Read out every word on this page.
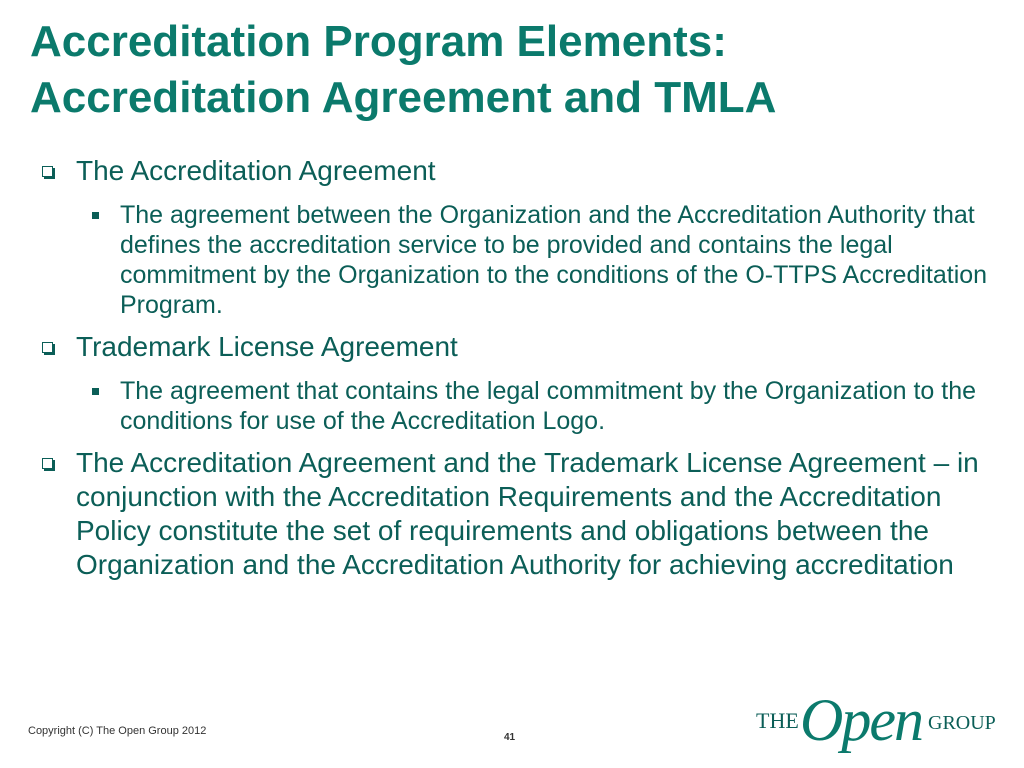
Accreditation Program Elements:
Accreditation Agreement and TMLA
The Accreditation Agreement
The agreement between the Organization and the Accreditation Authority that defines the accreditation service to be provided and contains the legal commitment by the Organization to the conditions of the O-TTPS Accreditation Program.
Trademark License Agreement
The agreement that contains the legal commitment by the Organization to the conditions for use of the Accreditation Logo.
The Accreditation Agreement and the Trademark License Agreement – in conjunction with the Accreditation Requirements and the Accreditation Policy constitute the set of requirements and obligations between the Organization and the Accreditation Authority for achieving accreditation
Copyright (C) The Open Group 2012
41
THE Open GROUP
